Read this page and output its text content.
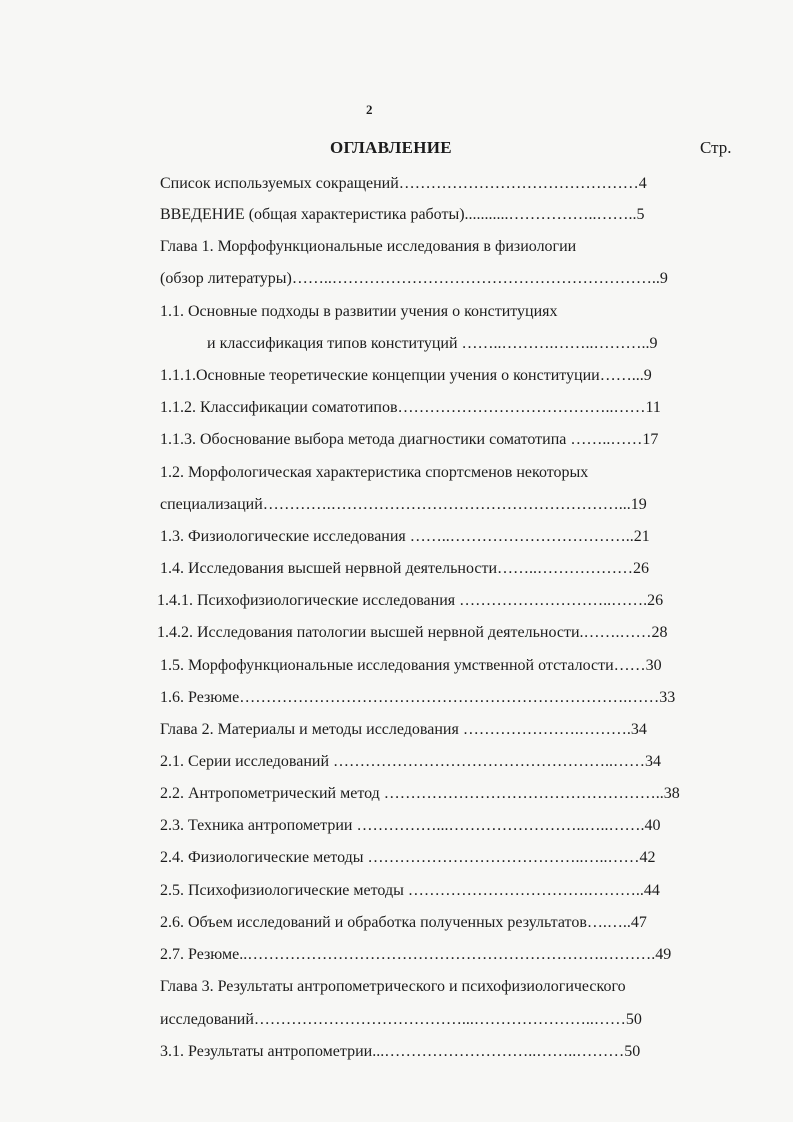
2
ОГЛАВЛЕНИЕ	Стр.
Список используемых сокращений………………………………………4
ВВЕДЕНИЕ (общая характеристика работы)...........……………..……..5
Глава 1. Морфофункциональные исследования в физиологии
(обзор литературы)……..……………………………………………………..9
1.1. Основные подходы в развитии учения о конституциях
и классификация типов конституций ……..……….……..………..9
1.1.1.Основные теоретические концепции учения о конституции……...9
1.1.2. Классификации соматотипов…………………………………..……11
1.1.3. Обоснование выбора метода диагностики соматотипа ……..……17
1.2. Морфологическая характеристика спортсменов некоторых
специализаций………….………………………………………………...19
1.3. Физиологические исследования ……..……………………………..21
1.4. Исследования высшей нервной деятельности……..………………26
1.4.1. Психофизиологические исследования ………………………..…….26
1.4.2. Исследования патологии высшей нервной деятельности.…….……28
1.5. Морфофункциональные исследования умственной отсталости……30
1.6. Резюме……………………………………………………………….……33
Глава 2. Материалы и методы исследования ………………….……….34
2.1. Серии исследований ……………………………………………..……34
2.2. Антропометрический метод ……………………………………………..38
2.3. Техника антропометрии ……………...……………………..…..…….40
2.4. Физиологические методы …………………………………..…..……42
2.5. Психофизиологические методы …………………………….………..44
2.6. Объем исследований и обработка полученных результатов….…..47
2.7. Резюме..………………………………………………………….……….49
Глава 3. Результаты антропометрического и психофизиологического
исследований…………………………………...…………………..……50
3.1. Результаты антропометрии...………………………..……..………50
